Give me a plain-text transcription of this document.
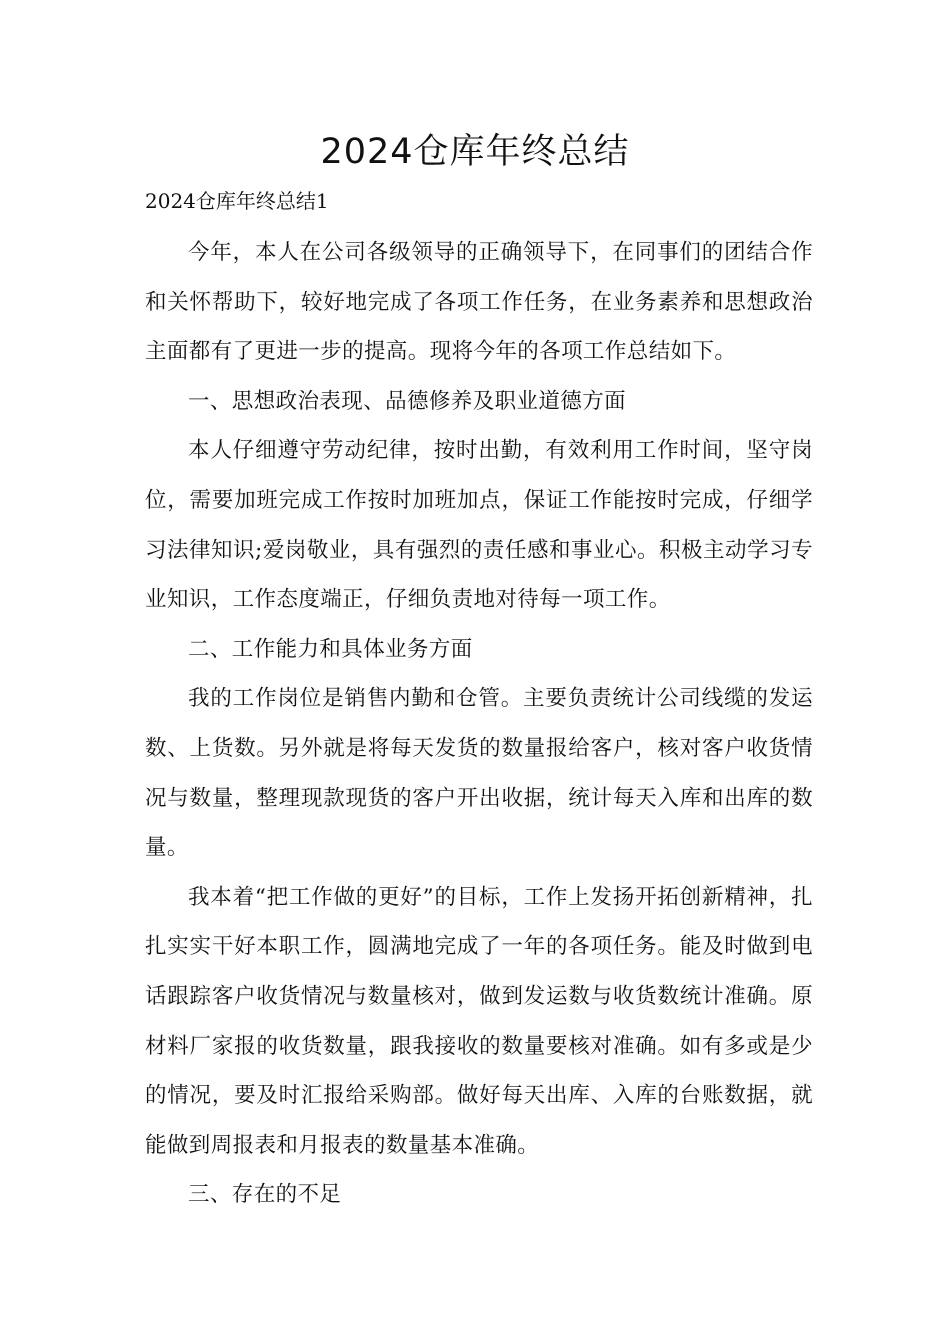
2024仓库年终总结

2024仓库年终总结1

今年，本人在公司各级领导的正确领导下，在同事们的团结合作和关怀帮助下，较好地完成了各项工作任务，在业务素养和思想政治主面都有了更进一步的提高。现将今年的各项工作总结如下。

一、思想政治表现、品德修养及职业道德方面

本人仔细遵守劳动纪律，按时出勤，有效利用工作时间，坚守岗位，需要加班完成工作按时加班加点，保证工作能按时完成，仔细学习法律知识;爱岗敬业，具有强烈的责任感和事业心。积极主动学习专业知识，工作态度端正，仔细负责地对待每一项工作。

二、工作能力和具体业务方面

我的工作岗位是销售内勤和仓管。主要负责统计公司线缆的发运数、上货数。另外就是将每天发货的数量报给客户，核对客户收货情况与数量，整理现款现货的客户开出收据，统计每天入库和出库的数量。

我本着“把工作做的更好”的目标，工作上发扬开拓创新精神，扎扎实实干好本职工作，圆满地完成了一年的各项任务。能及时做到电话跟踪客户收货情况与数量核对，做到发运数与收货数统计准确。原材料厂家报的收货数量，跟我接收的数量要核对准确。如有多或是少的情况，要及时汇报给采购部。做好每天出库、入库的台账数据，就能做到周报表和月报表的数量基本准确。

三、存在的不足
